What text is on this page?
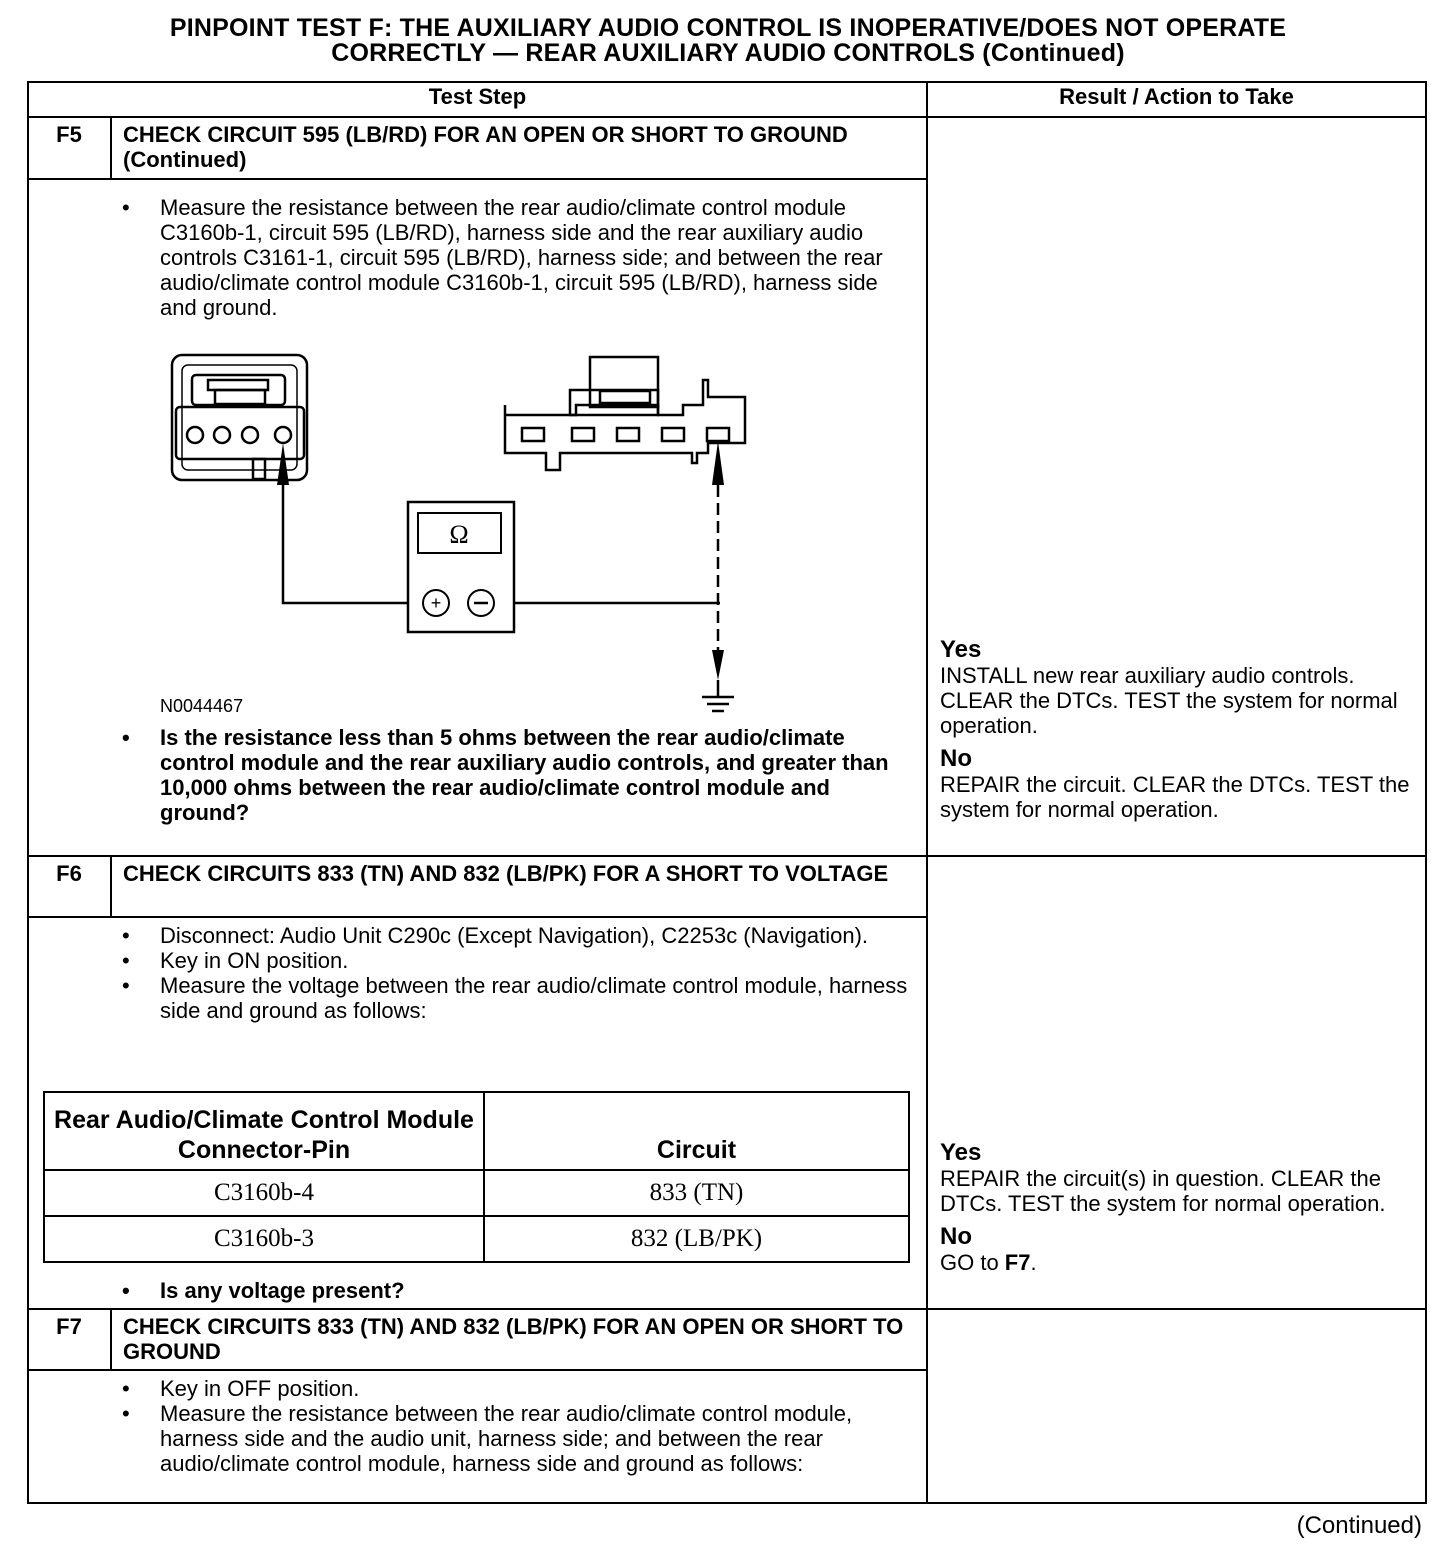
PINPOINT TEST F: THE AUXILIARY AUDIO CONTROL IS INOPERATIVE/DOES NOT OPERATE
CORRECTLY — REAR AUXILIARY AUDIO CONTROLS (Continued)
Test Step	Result / Action to Take
F5	CHECK CIRCUIT 595 (LB/RD) FOR AN OPEN OR SHORT TO GROUND (Continued)
• Measure the resistance between the rear audio/climate control module C3160b-1, circuit 595 (LB/RD), harness side and the rear auxiliary audio controls C3161-1, circuit 595 (LB/RD), harness side; and between the rear audio/climate control module C3160b-1, circuit 595 (LB/RD), harness side and ground.
Ω
+
N0044467
• Is the resistance less than 5 ohms between the rear audio/climate control module and the rear auxiliary audio controls, and greater than 10,000 ohms between the rear audio/climate control module and ground?
Yes
INSTALL new rear auxiliary audio controls. CLEAR the DTCs. TEST the system for normal operation.
No
REPAIR the circuit. CLEAR the DTCs. TEST the system for normal operation.
F6	CHECK CIRCUITS 833 (TN) AND 832 (LB/PK) FOR A SHORT TO VOLTAGE
• Disconnect: Audio Unit C290c (Except Navigation), C2253c (Navigation).
• Key in ON position.
• Measure the voltage between the rear audio/climate control module, harness side and ground as follows:
Rear Audio/Climate Control Module Connector-Pin	Circuit
C3160b-4	833 (TN)
C3160b-3	832 (LB/PK)
• Is any voltage present?
Yes
REPAIR the circuit(s) in question. CLEAR the DTCs. TEST the system for normal operation.
No
GO to F7.
F7	CHECK CIRCUITS 833 (TN) AND 832 (LB/PK) FOR AN OPEN OR SHORT TO GROUND
• Key in OFF position.
• Measure the resistance between the rear audio/climate control module, harness side and the audio unit, harness side; and between the rear audio/climate control module, harness side and ground as follows:
(Continued)
